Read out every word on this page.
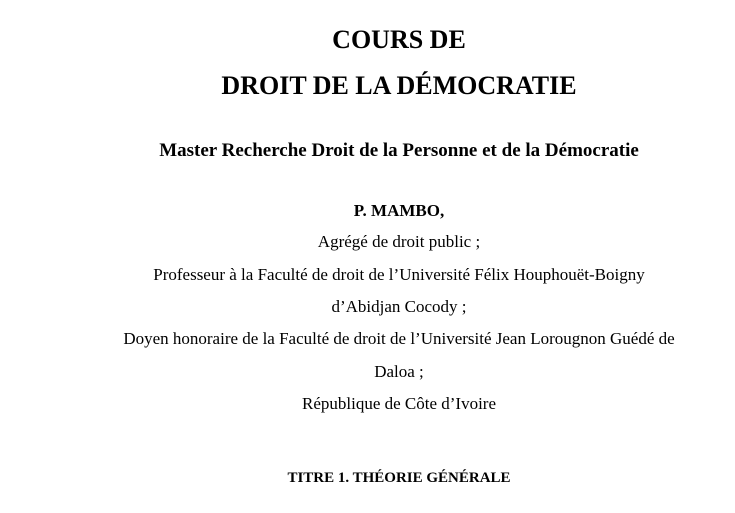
COURS DE
DROIT DE LA DÉMOCRATIE
Master Recherche Droit de la Personne et de la Démocratie
P. MAMBO,
Agrégé de droit public ;
Professeur à la Faculté de droit de l’Université Félix Houphouët-Boigny
d’Abidjan Cocody ;
Doyen honoraire de la Faculté de droit de l’Université Jean Lorougnon Guédé de
Daloa ;
République de Côte d’Ivoire
TITRE 1. THÉORIE GÉNÉRALE
